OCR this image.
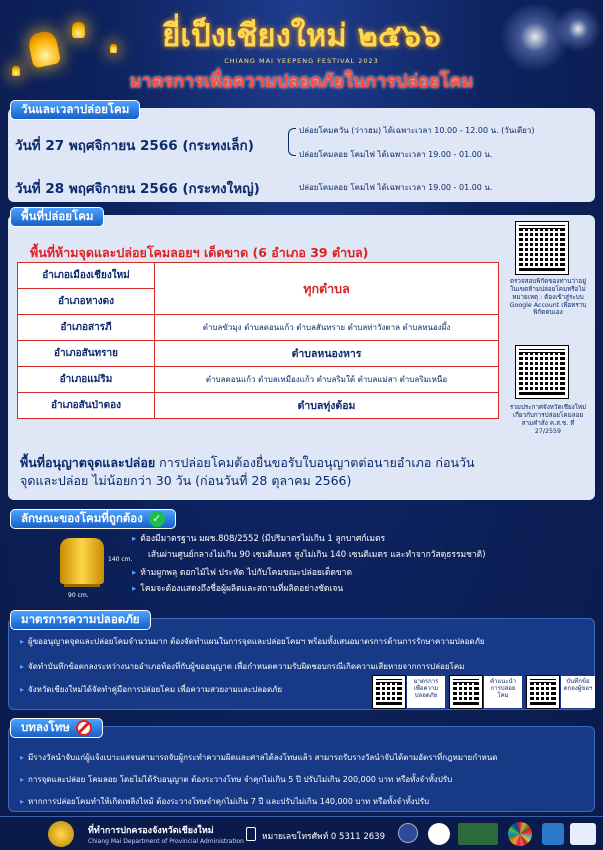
ยี่เป็งเชียงใหม่ ๒๕๖๖
CHIANG MAI YEEPENG FESTIVAL 2023
มาตรการเพื่อความปลอดภัยในการปล่อยโคม
วันและเวลาปล่อยโคม
วันที่ 27 พฤศจิกายน 2566 (กระทงเล็ก)
ปล่อยโคมควัน (ว่าวฮม) ได้เฉพาะเวลา 10.00 - 12.00 น. (วันเดียว)
ปล่อยโคมลอย โคมไฟ ได้เฉพาะเวลา 19.00 - 01.00 น.
วันที่ 28 พฤศจิกายน 2566 (กระทงใหญ่)	ปล่อยโคมลอย โคมไฟ ได้เฉพาะเวลา 19.00 - 01.00 น.
พื้นที่ปล่อยโคม
พื้นที่ห้ามจุดและปล่อยโคมลอยฯ เด็ดขาด (6 อำเภอ 39 ตำบล)
อำเภอเมืองเชียงใหม่	ทุกตำบล
อำเภอหางดง	
อำเภอสารภี	ตำบลขัวมุง ตำบลดอนแก้ว ตำบลสันทราย ตำบลท่าวังตาล ตำบลหนองผึ้ง
อำเภอสันทราย	ตำบลหนองหาร
อำเภอแม่ริม	ตำบลดอนแก้ว ตำบลเหมืองแก้ว ตำบลริมใต้ ตำบลแม่สา ตำบลริมเหนือ
อำเภอสันป่าตอง	ตำบลทุ่งต้อม
ตรวจสอบพิกัดของท่านว่าอยู่ในเขตห้ามปล่อยโคมหรือไม่ หมายเหตุ : ต้องเข้าสู่ระบบ Google Account เพื่อทราบพิกัดตนเอง
รวมประกาศจังหวัดเชียงใหม่ เกี่ยวกับการปล่อยโคมลอย สามคำสั่ง ค.ส.ช. ที่ 27/2559
พื้นที่อนุญาตจุดและปล่อย การปล่อยโคมต้องยื่นขอรับใบอนุญาตต่อนายอำเภอ ก่อนวันจุดและปล่อย ไม่น้อยกว่า 30 วัน (ก่อนวันที่ 28 ตุลาคม 2566)
ลักษณะของโคมที่ถูกต้อง ✓
140 cm.
90 cm.
▸ ต้องมีมาตรฐาน มผช.808/2552 (มีปริมาตรไม่เกิน 1 ลูกบาศก์เมตร
เส้นผ่านศูนย์กลางไม่เกิน 90 เซนติเมตร สูงไม่เกิน 140 เซนติเมตร และทำจากวัสดุธรรมชาติ)
▸ ห้ามผูกพลุ ดอกไม้ไฟ ประทัด ไปกับโคมขณะปล่อยเด็ดขาด
▸ โคมจะต้องแสดงถึงชื่อผู้ผลิตและสถานที่ผลิตอย่างชัดเจน
มาตรการความปลอดภัย
▸ ผู้ขออนุญาตจุดและปล่อยโคมจำนวนมาก ต้องจัดทำแผนในการจุดและปล่อยโคมฯ พร้อมทั้งเสนอมาตรการด้านการรักษาความปลอดภัย
▸ จัดทำบันทึกข้อตกลงระหว่างนายอำเภอท้องที่กับผู้ขออนุญาต เพื่อกำหนดความรับผิดชอบกรณีเกิดความเสียหายจากการปล่อยโคม
▸ จังหวัดเชียงใหม่ได้จัดทำคู่มือการปล่อยโคม เพื่อความสวยงามและปลอดภัย
มาตรการเพื่อความปลอดภัย
คำแนะนำการปล่อยโคม
บันทึกข้อตกลงผู้ขอฯ
บทลงโทษ
▸ มีรางวัลนำจับแก่ผู้แจ้งเบาะแสจนสามารถจับผู้กระทำความผิดและศาลได้ลงโทษแล้ว สามารถรับรางวัลนำจับได้ตามอัตราที่กฎหมายกำหนด
▸ การจุดและปล่อย โคมลอย โดยไม่ได้รับอนุญาต ต้องระวางโทษ จำคุกไม่เกิน 5 ปี ปรับไม่เกิน 200,000 บาท หรือทั้งจำทั้งปรับ
▸ หากการปล่อยโคมทำให้เกิดเพลิงไหม้ ต้องระวางโทษจำคุกไม่เกิน 7 ปี และปรับไม่เกิน 140,000 บาท หรือทั้งจำทั้งปรับ
ที่ทำการปกครองจังหวัดเชียงใหม่
Chiang Mai Department of Provincial Administration หมายเลขโทรศัพท์ 0 5311 2639
